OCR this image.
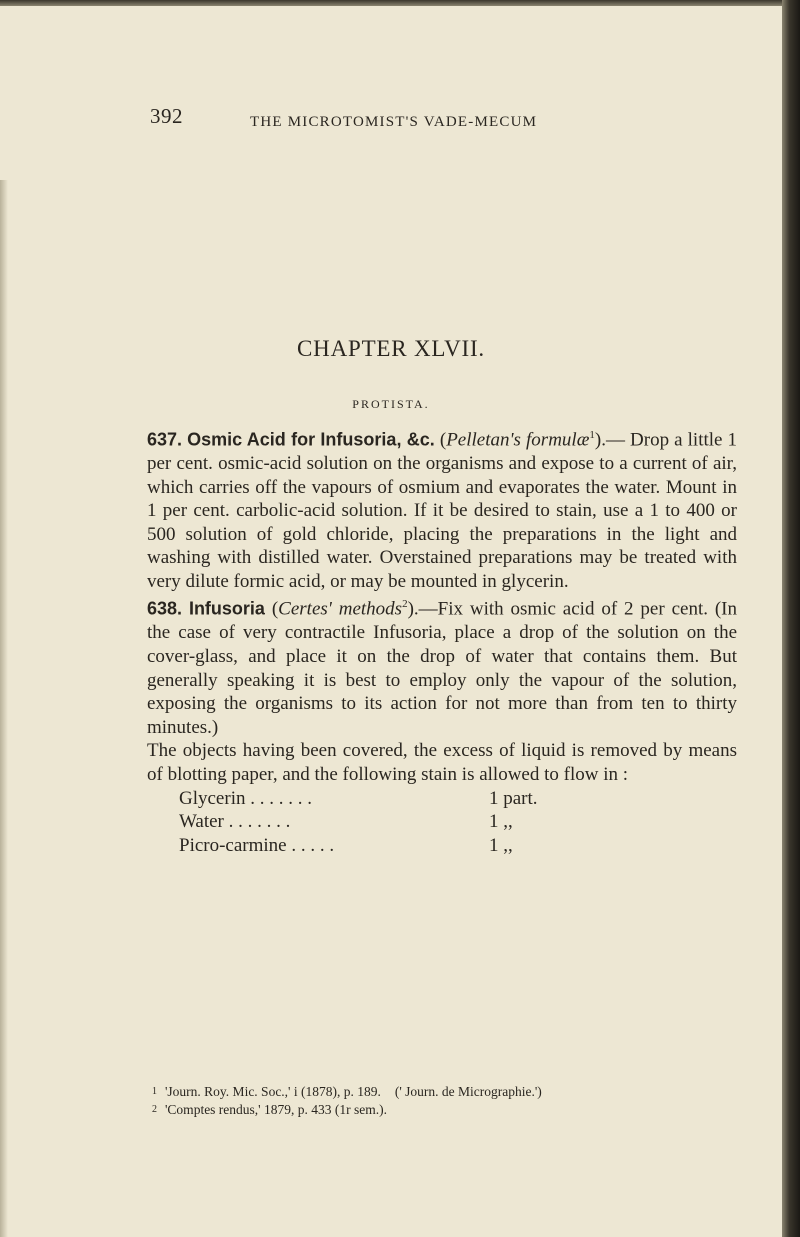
392	THE MICROTOMIST'S VADE-MECUM
CHAPTER XLVII.
PROTISTA.

637. Osmic Acid for Infusoria, &c. (Pelletan's formulæ$^1$).— Drop a little 1 per cent. osmic-acid solution on the organisms and expose to a current of air, which carries off the vapours of osmium and evaporates the water. Mount in 1 per cent. carbolic-acid solution. If it be desired to stain, use a 1 to 400 or 500 solution of gold chloride, placing the preparations in the light and washing with distilled water. Overstained preparations may be treated with very dilute formic acid, or may be mounted in glycerin.

638. Infusoria (Certes' methods$^2$).—Fix with osmic acid of 2 per cent. (In the case of very contractile Infusoria, place a drop of the solution on the cover-glass, and place it on the drop of water that contains them. But generally speaking it is best to employ only the vapour of the solution, exposing the organisms to its action for not more than from ten to thirty minutes.)

The objects having been covered, the excess of liquid is removed by means of blotting paper, and the following stain is allowed to flow in :

Glycerin . . . . . . .	1 part.
Water . . . . . . .	1 ,,
Picro-carmine . . . . .	1 ,,
$^1$ 'Journ. Roy. Mic. Soc.,' i (1878), p. 189. (' Journ. de Micrographie.')
$^2$ 'Comptes rendus,' 1879, p. 433 (1r sem.).
